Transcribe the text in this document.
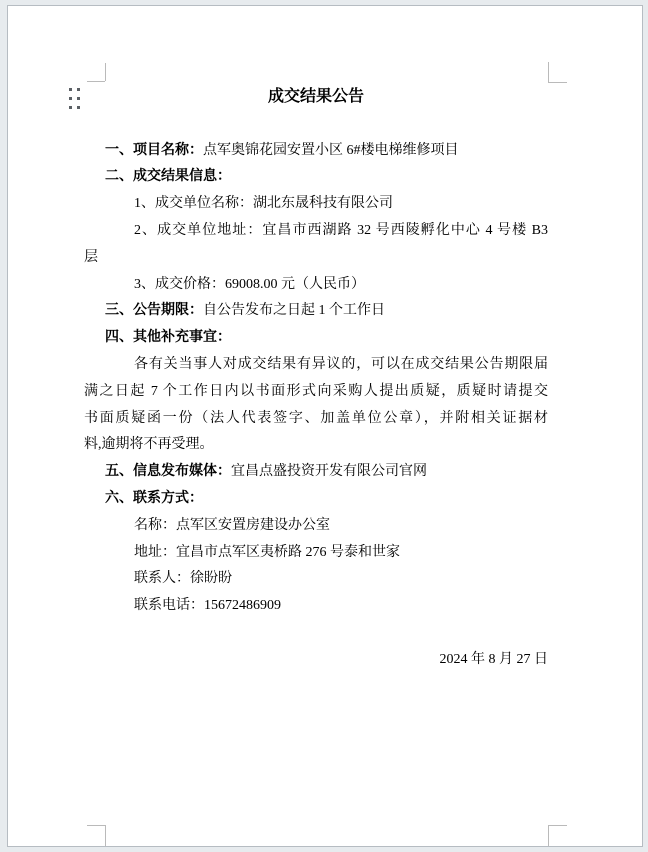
成交结果公告
一、项目名称：点军奥锦花园安置小区 6#楼电梯维修项目
二、成交结果信息：
1、成交单位名称：湖北东晟科技有限公司
2、成交单位地址：宜昌市西湖路 32 号西陵孵化中心 4 号楼 B3
层
3、成交价格：69008.00 元（人民币）
三、公告期限：自公告发布之日起 1 个工作日
四、其他补充事宜：
各有关当事人对成交结果有异议的，可以在成交结果公告期限届
满之日起 7 个工作日内以书面形式向采购人提出质疑，质疑时请提交
书面质疑函一份（法人代表签字、加盖单位公章），并附相关证据材
料,逾期将不再受理。
五、信息发布媒体：宜昌点盛投资开发有限公司官网
六、联系方式：
名称：点军区安置房建设办公室
地址：宜昌市点军区夷桥路 276 号泰和世家
联系人：徐盼盼
联系电话：15672486909
2024 年 8 月 27 日
